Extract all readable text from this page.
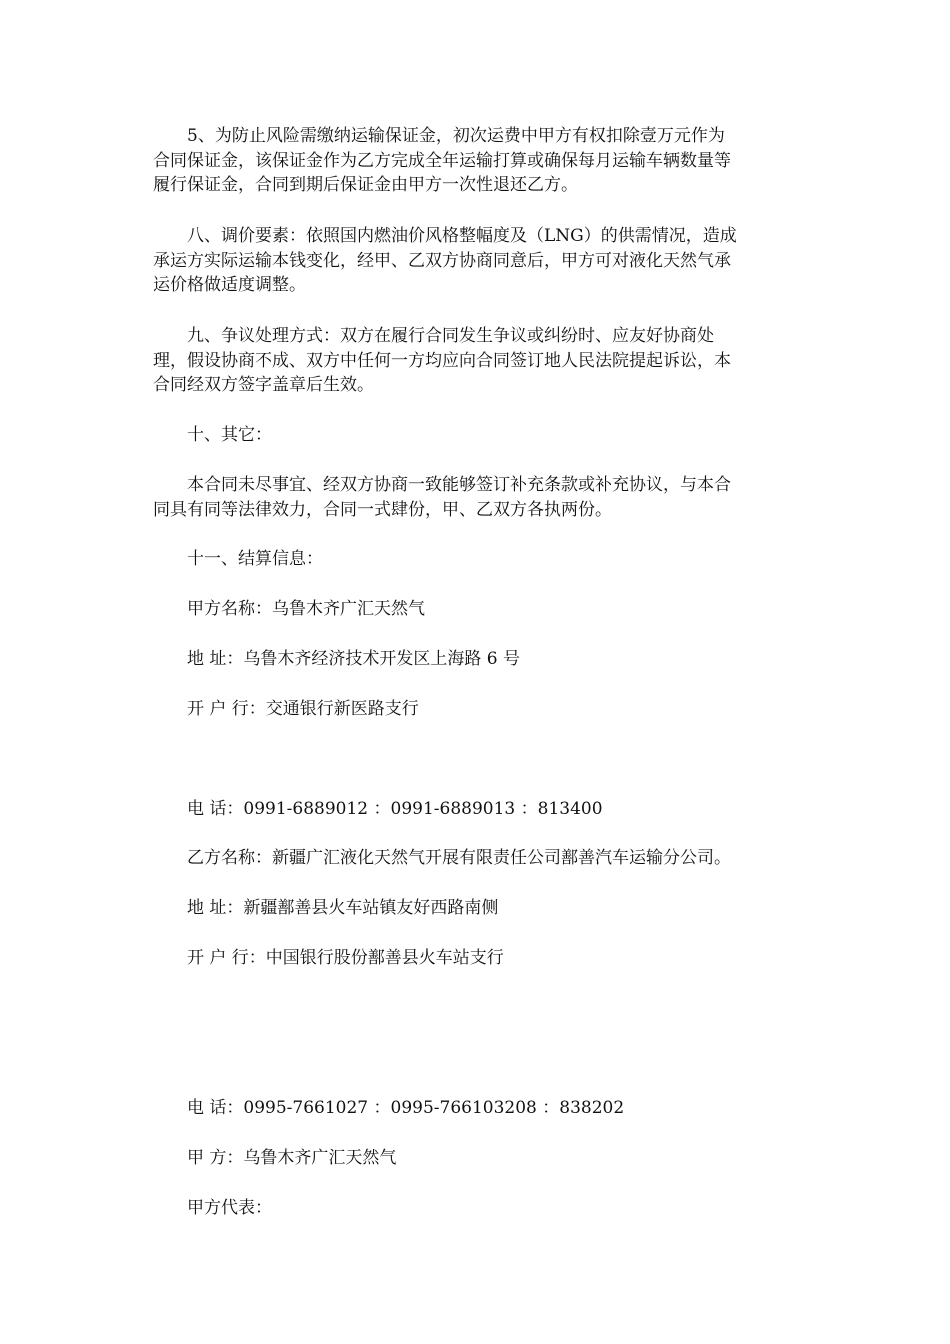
5、为防止风险需缴纳运输保证金，初次运费中甲方有权扣除壹万元作为
合同保证金，该保证金作为乙方完成全年运输打算或确保每月运输车辆数量等
履行保证金，合同到期后保证金由甲方一次性退还乙方。

八、调价要素：依照国内燃油价风格整幅度及（LNG）的供需情况，造成
承运方实际运输本钱变化，经甲、乙双方协商同意后，甲方可对液化天然气承
运价格做适度调整。

九、争议处理方式：双方在履行合同发生争议或纠纷时、应友好协商处
理，假设协商不成、双方中任何一方均应向合同签订地人民法院提起诉讼，本
合同经双方签字盖章后生效。

十、其它：

本合同未尽事宜、经双方协商一致能够签订补充条款或补充协议，与本合
同具有同等法律效力，合同一式肆份，甲、乙双方各执两份。

十一、结算信息：

甲方名称：乌鲁木齐广汇天然气

地 址：乌鲁木齐经济技术开发区上海路 6 号

开 户 行：交通银行新医路支行

电 话：0991-6889012 ：0991-6889013 ：813400

乙方名称：新疆广汇液化天然气开展有限责任公司鄯善汽车运输分公司。

地 址：新疆鄯善县火车站镇友好西路南侧

开 户 行：中国银行股份鄯善县火车站支行

电 话：0995-7661027 ：0995-766103208 ：838202

甲 方：乌鲁木齐广汇天然气

甲方代表：
